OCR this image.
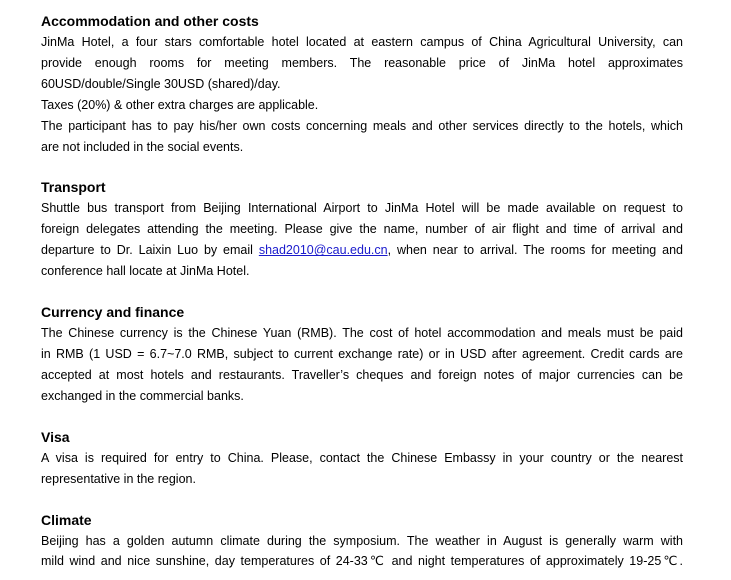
Accommodation and other costs
JinMa Hotel, a four stars comfortable hotel located at eastern campus of China Agricultural University, can
provide enough rooms for meeting members. The reasonable price of JinMa hotel approximates
60USD/double/Single 30USD (shared)/day.
Taxes (20%) & other extra charges are applicable.
The participant has to pay his/her own costs concerning meals and other services directly to the hotels, which
are not included in the social events.
Transport
Shuttle bus transport from Beijing International Airport to JinMa Hotel will be made available on request to
foreign delegates attending the meeting. Please give the name, number of air flight and time of arrival and
departure to Dr. Laixin Luo by email shad2010@cau.edu.cn, when near to arrival. The rooms for meeting and
conference hall locate at JinMa Hotel.
Currency and finance
The Chinese currency is the Chinese Yuan (RMB). The cost of hotel accommodation and meals must be paid
in RMB (1 USD = 6.7~7.0 RMB, subject to current exchange rate) or in USD after agreement. Credit cards are
accepted at most hotels and restaurants. Traveller’s cheques and foreign notes of major currencies can be
exchanged in the commercial banks.
Visa
A visa is required for entry to China. Please, contact the Chinese Embassy in your country or the nearest
representative in the region.
Climate
Beijing has a golden autumn climate during the symposium. The weather in August is generally warm with
mild wind and nice sunshine, day temperatures of 24-33℃ and night temperatures of approximately 19-25℃.
